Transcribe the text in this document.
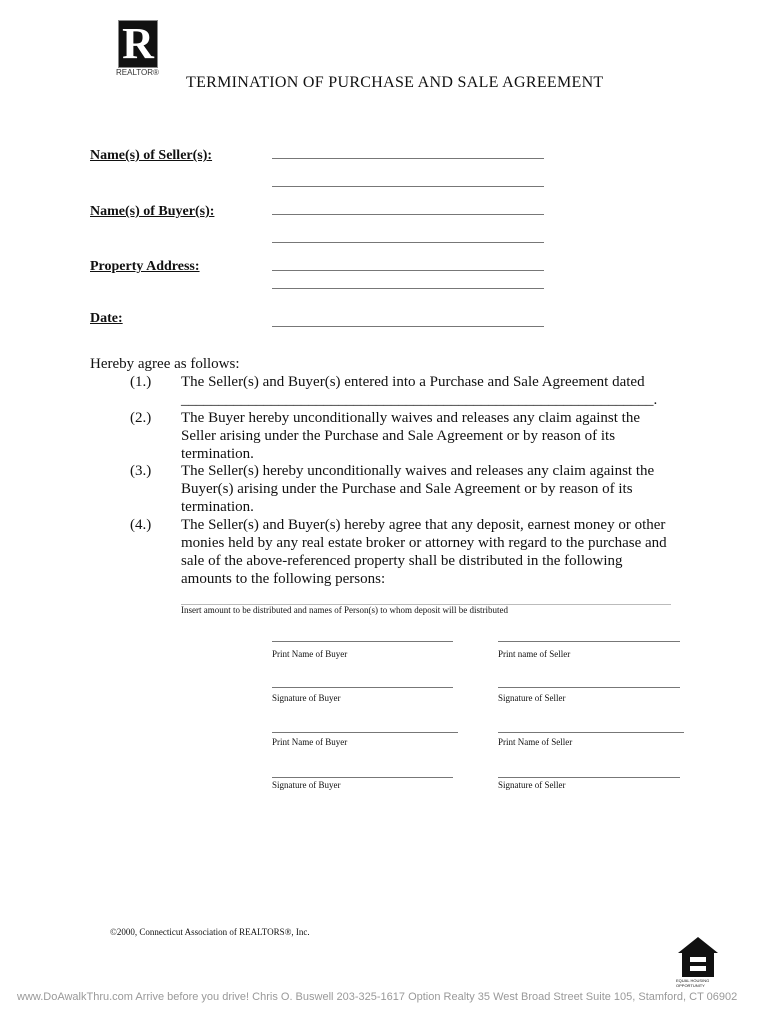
R
REALTOR®
TERMINATION OF PURCHASE AND SALE AGREEMENT
Name(s) of Seller(s):
Name(s) of Buyer(s):
Property Address:
Date:
Hereby agree as follows:
(1.) The Seller(s) and Buyer(s) entered into a Purchase and Sale Agreement dated
_______________________________________________________________.
(2.) The Buyer hereby unconditionally waives and releases any claim against the
Seller arising under the Purchase and Sale Agreement or by reason of its
termination.
(3.) The Seller(s) hereby unconditionally waives and releases any claim against the
Buyer(s) arising under the Purchase and Sale Agreement or by reason of its
termination.
(4.) The Seller(s) and Buyer(s) hereby agree that any deposit, earnest money or other
monies held by any real estate broker or attorney with regard to the purchase and
sale of the above-referenced property shall be distributed in the following
amounts to the following persons:
Insert amount to be distributed and names of Person(s) to whom deposit will be distributed
Print Name of Buyer	Print name of Seller
Signature of Buyer	Signature of Seller
Print Name of Buyer	Print Name of Seller
Signature of Buyer	Signature of Seller
©2000, Connecticut Association of REALTORS®, Inc.
EQUAL HOUSING OPPORTUNITY
www.DoAwalkThru.com Arrive before you drive! Chris O. Buswell 203-325-1617 Option Realty 35 West Broad Street Suite 105, Stamford, CT 06902
